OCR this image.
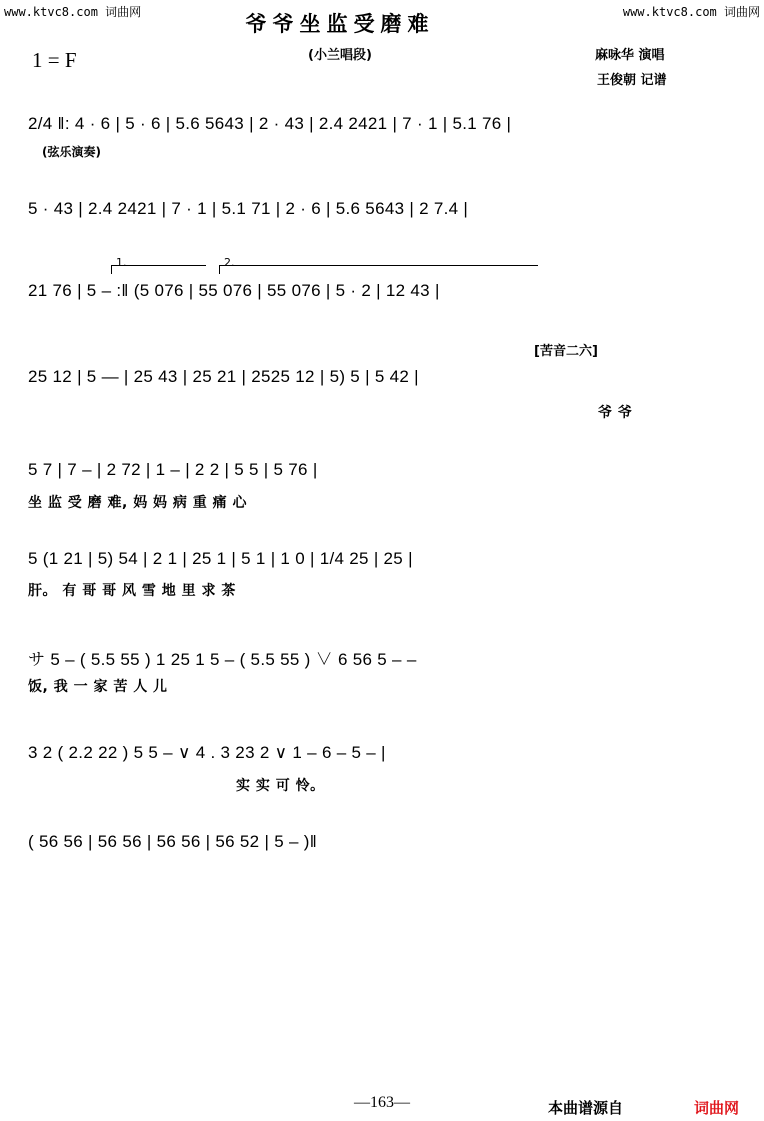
www.ktvc8.com 词曲网	www.ktvc8.com 词曲网
爷爷坐监受磨难
(小兰唱段)
1 = F	麻咏华 演唱
王俊朝 记谱
2/4 ‖: 4 · 6 | 5 · 6 | 5.6 5643 | 2 · 43 | 2.4 2421 | 7 · 1 | 5.1 76 |
(弦乐演奏)
5 · 43 | 2.4 2421 | 7 · 1 | 5.1 71 | 2 · 6 | 5.6 5643 | 2 7.4 |
1.	2.
21 76 | 5 – :‖ (5 076 | 55 076 | 55 076 | 5 · 2 | 12 43 |
[苦音二六]
25 12 | 5 — | 25 43 | 25 21 | 2525 12 | 5) 5 | 5 42 |
爷 爷
5 7 | 7 – | 2 72 | 1 – | 2 2 | 5 5 | 5 76 |
坐 监 受 磨 难, 妈 妈 病 重 痛 心
5 (1 21 | 5) 54 | 2 1 | 25 1 | 5 1 | 1 0 | 1/4 25 | 25 |
肝。 有 哥 哥 风 雪 地 里 求 茶
サ 5 – ( 5.5 55 ) 1 25 1 5 – ( 5.5 55 ) ∨ 6 56 5 – –
饭, 我 一 家 苦 人 儿
3 2 ( 2.2 22 ) 5 5 – ∨ 4 . 3 23 2 ∨ 1 – 6 – 5 – |
实 实 可 怜。
( 56 56 | 56 56 | 56 56 | 56 52 | 5 – )‖
—163—	本曲谱源自	词曲网
